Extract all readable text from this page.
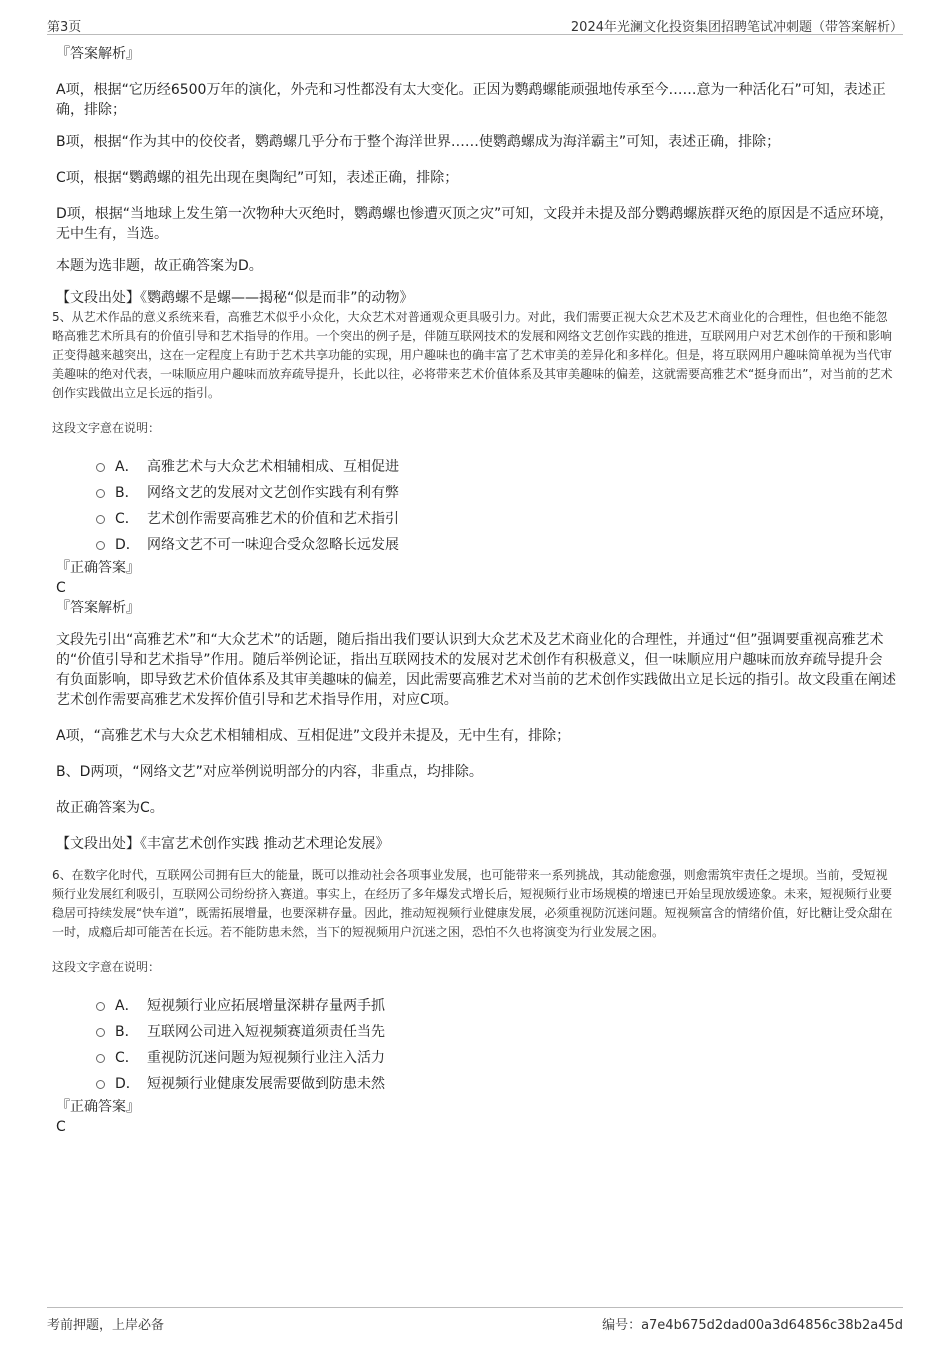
第3页	2024年光澜文化投资集团招聘笔试冲刺题（带答案解析）

『答案解析』

A项，根据“它历经6500万年的演化，外壳和习性都没有太大变化。正因为鹦鹉螺能顽强地传承至今……意为一种活化石”可知，表述正确，排除；

B项，根据“作为其中的佼佼者，鹦鹉螺几乎分布于整个海洋世界……使鹦鹉螺成为海洋霸主”可知，表述正确，排除；

C项，根据“鹦鹉螺的祖先出现在奥陶纪”可知，表述正确，排除；

D项，根据“当地球上发生第一次物种大灭绝时，鹦鹉螺也惨遭灭顶之灾”可知，文段并未提及部分鹦鹉螺族群灭绝的原因是不适应环境，无中生有，当选。

本题为选非题，故正确答案为D。

【文段出处】《鹦鹉螺不是螺——揭秘“似是而非”的动物》

5、从艺术作品的意义系统来看，高雅艺术似乎小众化，大众艺术对普通观众更具吸引力。对此，我们需要正视大众艺术及艺术商业化的合理性，但也绝不能忽略高雅艺术所具有的价值引导和艺术指导的作用。一个突出的例子是，伴随互联网技术的发展和网络文艺创作实践的推进，互联网用户对艺术创作的干预和影响正变得越来越突出，这在一定程度上有助于艺术共享功能的实现，用户趣味也的确丰富了艺术审美的差异化和多样化。但是，将互联网用户趣味简单视为当代审美趣味的绝对代表，一味顺应用户趣味而放弃疏导提升，长此以往，必将带来艺术价值体系及其审美趣味的偏差，这就需要高雅艺术“挺身而出”，对当前的艺术创作实践做出立足长远的指引。

这段文字意在说明：

A． 高雅艺术与大众艺术相辅相成、互相促进
B． 网络文艺的发展对文艺创作实践有利有弊
C． 艺术创作需要高雅艺术的价值和艺术指引
D． 网络文艺不可一味迎合受众忽略长远发展

『正确答案』

C

『答案解析』

文段先引出“高雅艺术”和“大众艺术”的话题，随后指出我们要认识到大众艺术及艺术商业化的合理性，并通过“但”强调要重视高雅艺术的“价值引导和艺术指导”作用。随后举例论证，指出互联网技术的发展对艺术创作有积极意义，但一味顺应用户趣味而放弃疏导提升会有负面影响，即导致艺术价值体系及其审美趣味的偏差，因此需要高雅艺术对当前的艺术创作实践做出立足长远的指引。故文段重在阐述艺术创作需要高雅艺术发挥价值引导和艺术指导作用，对应C项。

A项，“高雅艺术与大众艺术相辅相成、互相促进”文段并未提及，无中生有，排除；

B、D两项，“网络文艺”对应举例说明部分的内容，非重点，均排除。

故正确答案为C。

【文段出处】《丰富艺术创作实践 推动艺术理论发展》

6、在数字化时代，互联网公司拥有巨大的能量，既可以推动社会各项事业发展，也可能带来一系列挑战，其动能愈强，则愈需筑牢责任之堤坝。当前，受短视频行业发展红利吸引，互联网公司纷纷挤入赛道。事实上，在经历了多年爆发式增长后，短视频行业市场规模的增速已开始呈现放缓迹象。未来，短视频行业要稳居可持续发展“快车道”，既需拓展增量，也要深耕存量。因此，推动短视频行业健康发展，必须重视防沉迷问题。短视频富含的情绪价值，好比糖让受众甜在一时，成瘾后却可能苦在长远。若不能防患未然，当下的短视频用户沉迷之困，恐怕不久也将演变为行业发展之困。

这段文字意在说明：

A． 短视频行业应拓展增量深耕存量两手抓
B． 互联网公司进入短视频赛道须责任当先
C． 重视防沉迷问题为短视频行业注入活力
D． 短视频行业健康发展需要做到防患未然

『正确答案』

C

考前押题，上岸必备	编号：a7e4b675d2dad00a3d64856c38b2a45d
